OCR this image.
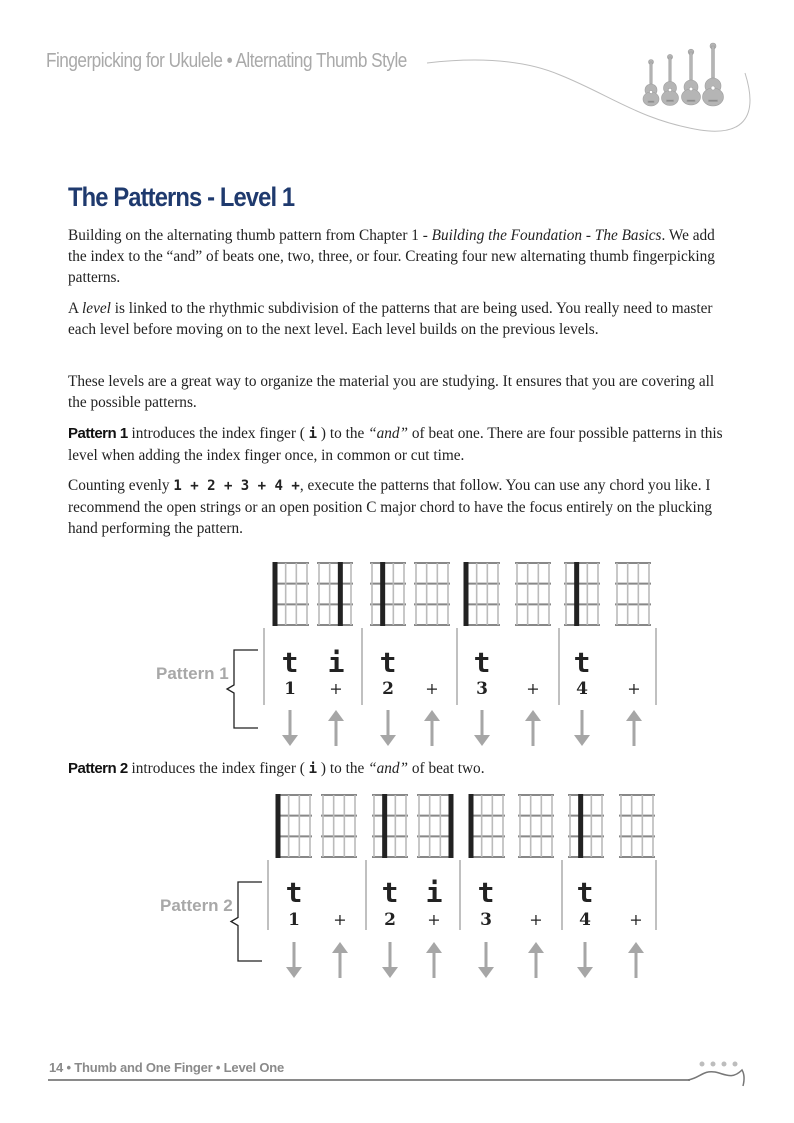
Fingerpicking for Ukulele • Alternating Thumb Style
The Patterns - Level 1

Building on the alternating thumb pattern from Chapter 1 - Building the Foundation - The Basics. We add the index to the “and” of beats one, two, three, or four. Creating four new alternating thumb fingerpicking patterns.

A level is linked to the rhythmic subdivision of the patterns that are being used. You really need to master each level before moving on to the next level. Each level builds on the previous levels.

These levels are a great way to organize the material you are studying. It ensures that you are covering all the possible patterns.

Pattern 1 introduces the index finger ( i ) to the “and” of beat one. There are four possible patterns in this level when adding the index finger once, in common or cut time.

Counting evenly 1 + 2 + 3 + 4 +, execute the patterns that follow. You can use any chord you like. I recommend the open strings or an open position C major chord to have the focus entirely on the plucking hand performing the pattern.

Pattern 2 introduces the index finger ( i ) to the “and” of beat two.

Pattern 1 t
1
i
+
t
2 +
t
3 +
t
4 +
Pattern 2 t
1 +
t
2
i
+
t
3 +
t
4 +
14 • Thumb and One Finger • Level One
